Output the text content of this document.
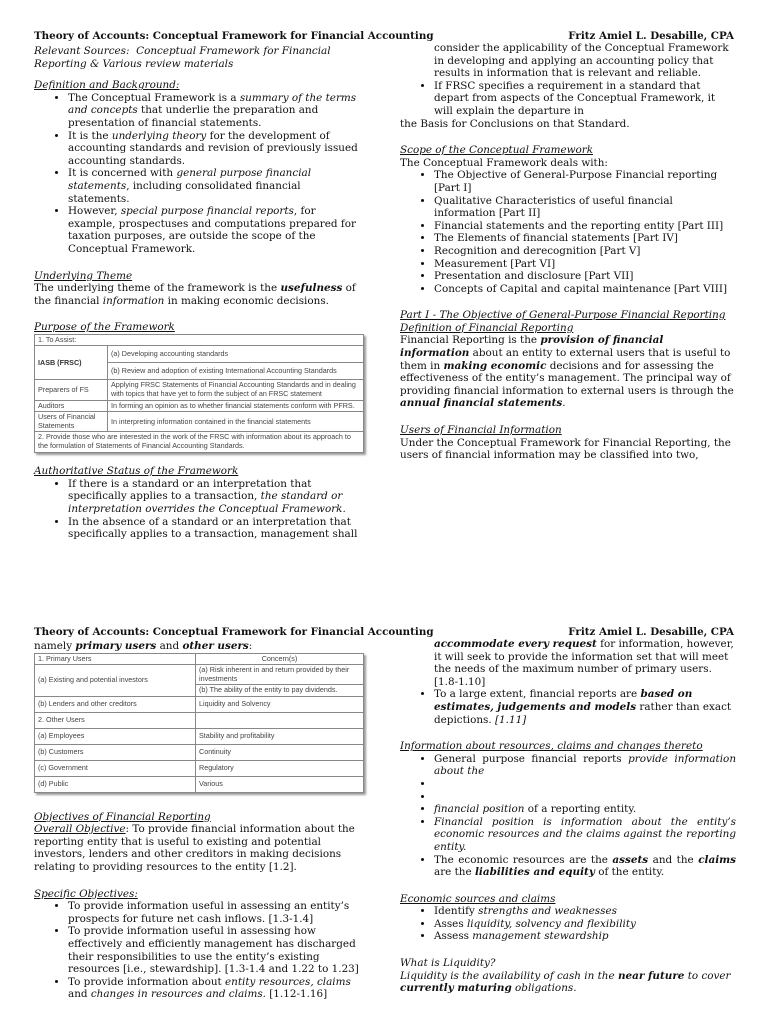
Theory of Accounts: Conceptual Framework for Financial Accounting	Fritz Amiel L. Desabille, CPA
Relevant Sources: Conceptual Framework for Financial Reporting & Various review materials
Definition and Background:
• The Conceptual Framework is a summary of the terms and concepts that underlie the preparation and presentation of financial statements.
• It is the underlying theory for the development of accounting standards and revision of previously issued accounting standards.
• It is concerned with general purpose financial statements, including consolidated financial statements.
• However, special purpose financial reports, for example, prospectuses and computations prepared for taxation purposes, are outside the scope of the Conceptual Framework.
Underlying Theme
The underlying theme of the framework is the usefulness of the financial information in making economic decisions.
Purpose of the Framework
1. To Assist:	
IASB (FRSC)	(a) Developing accounting standards
	(b) Review and adoption of existing International Accounting Standards
Preparers of FS	Applying FRSC Statements of Financial Accounting Standards and in dealing with topics that have yet to form the subject of an FRSC statement
Auditors	In forming an opinion as to whether financial statements conform with PFRS.
Users of Financial Statements	In interpreting information contained in the financial statements
2. Provide those who are interested in the work of the FRSC with information about its approach to the formulation of Statements of Financial Accounting Standards.	
Authoritative Status of the Framework
• If there is a standard or an interpretation that specifically applies to a transaction, the standard or interpretation overrides the Conceptual Framework.
• In the absence of a standard or an interpretation that specifically applies to a transaction, management shall
consider the applicability of the Conceptual Framework in developing and applying an accounting policy that results in information that is relevant and reliable.
• If FRSC specifies a requirement in a standard that depart from aspects of the Conceptual Framework, it will explain the departure in
the Basis for Conclusions on that Standard.
Scope of the Conceptual Framework
The Conceptual Framework deals with:
• The Objective of General-Purpose Financial reporting [Part I]
• Qualitative Characteristics of useful financial information [Part II]
• Financial statements and the reporting entity [Part III]
• The Elements of financial statements [Part IV]
• Recognition and derecognition [Part V]
• Measurement [Part VI]
• Presentation and disclosure [Part VII]
• Concepts of Capital and capital maintenance [Part VIII]
Part I - The Objective of General-Purpose Financial Reporting
Definition of Financial Reporting
Financial Reporting is the provision of financial information about an entity to external users that is useful to them in making economic decisions and for assessing the effectiveness of the entity’s management. The principal way of providing financial information to external users is through the annual financial statements.
Users of Financial Information
Under the Conceptual Framework for Financial Reporting, the users of financial information may be classified into two,
Theory of Accounts: Conceptual Framework for Financial Accounting	Fritz Amiel L. Desabille, CPA
namely primary users and other users:
1. Primary Users	Concern(s)
(a) Existing and potential investors	(a) Risk inherent in and return provided by their investments
	(b) The ability of the entity to pay dividends.
(b) Lenders and other creditors	Liquidity and Solvency
2. Other Users	
(a) Employees	Stability and profitability
(b) Customers	Continuity
(c) Government	Regulatory
(d) Public	Various
Objectives of Financial Reporting
Overall Objective: To provide financial information about the reporting entity that is useful to existing and potential investors, lenders and other creditors in making decisions relating to providing resources to the entity [1.2].
Specific Objectives:
• To provide information useful in assessing an entity’s prospects for future net cash inflows. [1.3-1.4]
• To provide information useful in assessing how effectively and efficiently management has discharged their responsibilities to use the entity’s existing resources [i.e., stewardship]. [1.3-1.4 and 1.22 to 1.23]
• To provide information about entity resources, claims and changes in resources and claims. [1.12-1.16]
accommodate every request for information, however, it will seek to provide the information set that will meet the needs of the maximum number of primary users. [1.8-1.10]
• To a large extent, financial reports are based on estimates, judgements and models rather than exact depictions. [1.11]
Information about resources, claims and changes thereto
• General purpose financial reports provide information about the
•
•
• financial position of a reporting entity.
• Financial position is information about the entity’s economic resources and the claims against the reporting entity.
• The economic resources are the assets and the claims are the liabilities and equity of the entity.
Economic sources and claims
• Identify strengths and weaknesses
• Asses liquidity, solvency and flexibility
• Assess management stewardship
What is Liquidity?
Liquidity is the availability of cash in the near future to cover currently maturing obligations.
